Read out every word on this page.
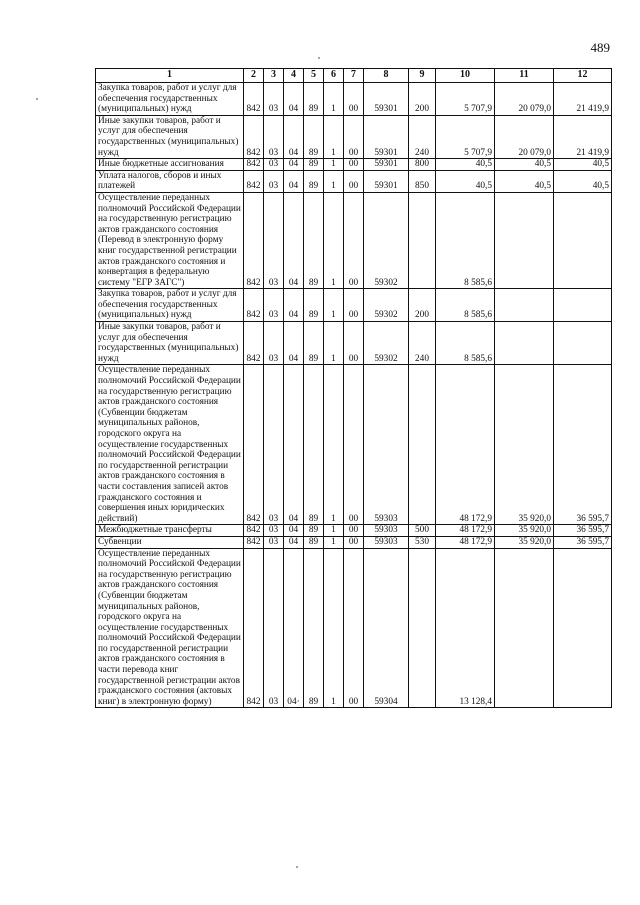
489
1	2	3	4	5	6	7	8	9	10	11	12
Закупка товаров, работ и услуг для обеспечения государственных (муниципальных) нужд	842	03	04	89	1	00	59301	200	5 707,9	20 079,0	21 419,9
Иные закупки товаров, работ и услуг для обеспечения государственных (муниципальных) нужд	842	03	04	89	1	00	59301	240	5 707,9	20 079,0	21 419,9
Иные бюджетные ассигнования	842	03	04	89	1	00	59301	800	40,5	40,5	40,5
Уплата налогов, сборов и иных платежей	842	03	04	89	1	00	59301	850	40,5	40,5	40,5
Осуществление переданных полномочий Российской Федерации на государственную регистрацию актов гражданского состояния (Перевод в электронную форму книг государственной регистрации актов гражданского состояния и конвертация в федеральную систему "ЕГР ЗАГС")	842	03	04	89	1	00	59302		8 585,6		
Закупка товаров, работ и услуг для обеспечения государственных (муниципальных) нужд	842	03	04	89	1	00	59302	200	8 585,6		
Иные закупки товаров, работ и услуг для обеспечения государственных (муниципальных) нужд	842	03	04	89	1	00	59302	240	8 585,6		
Осуществление переданных полномочий Российской Федерации на государственную регистрацию актов гражданского состояния (Субвенции бюджетам муниципальных районов, городского округа на осуществление государственных полномочий Российской Федерации по государственной регистрации актов гражданского состояния в части составления записей актов гражданского состояния и совершения иных юридических действий)	842	03	04	89	1	00	59303		48 172,9	35 920,0	36 595,7
Межбюджетные трансферты	842	03	04	89	1	00	59303	500	48 172,9	35 920,0	36 595,7
Субвенции	842	03	04	89	1	00	59303	530	48 172,9	35 920,0	36 595,7
Осуществление переданных полномочий Российской Федерации на государственную регистрацию актов гражданского состояния (Субвенции бюджетам муниципальных районов, городского округа на осуществление государственных полномочий Российской Федерации по государственной регистрации актов гражданского состояния в части перевода книг государственной регистрации актов гражданского состояния (актовых книг) в электронную форму)	842	03	04·	89	1	00	59304		13 128,4		
